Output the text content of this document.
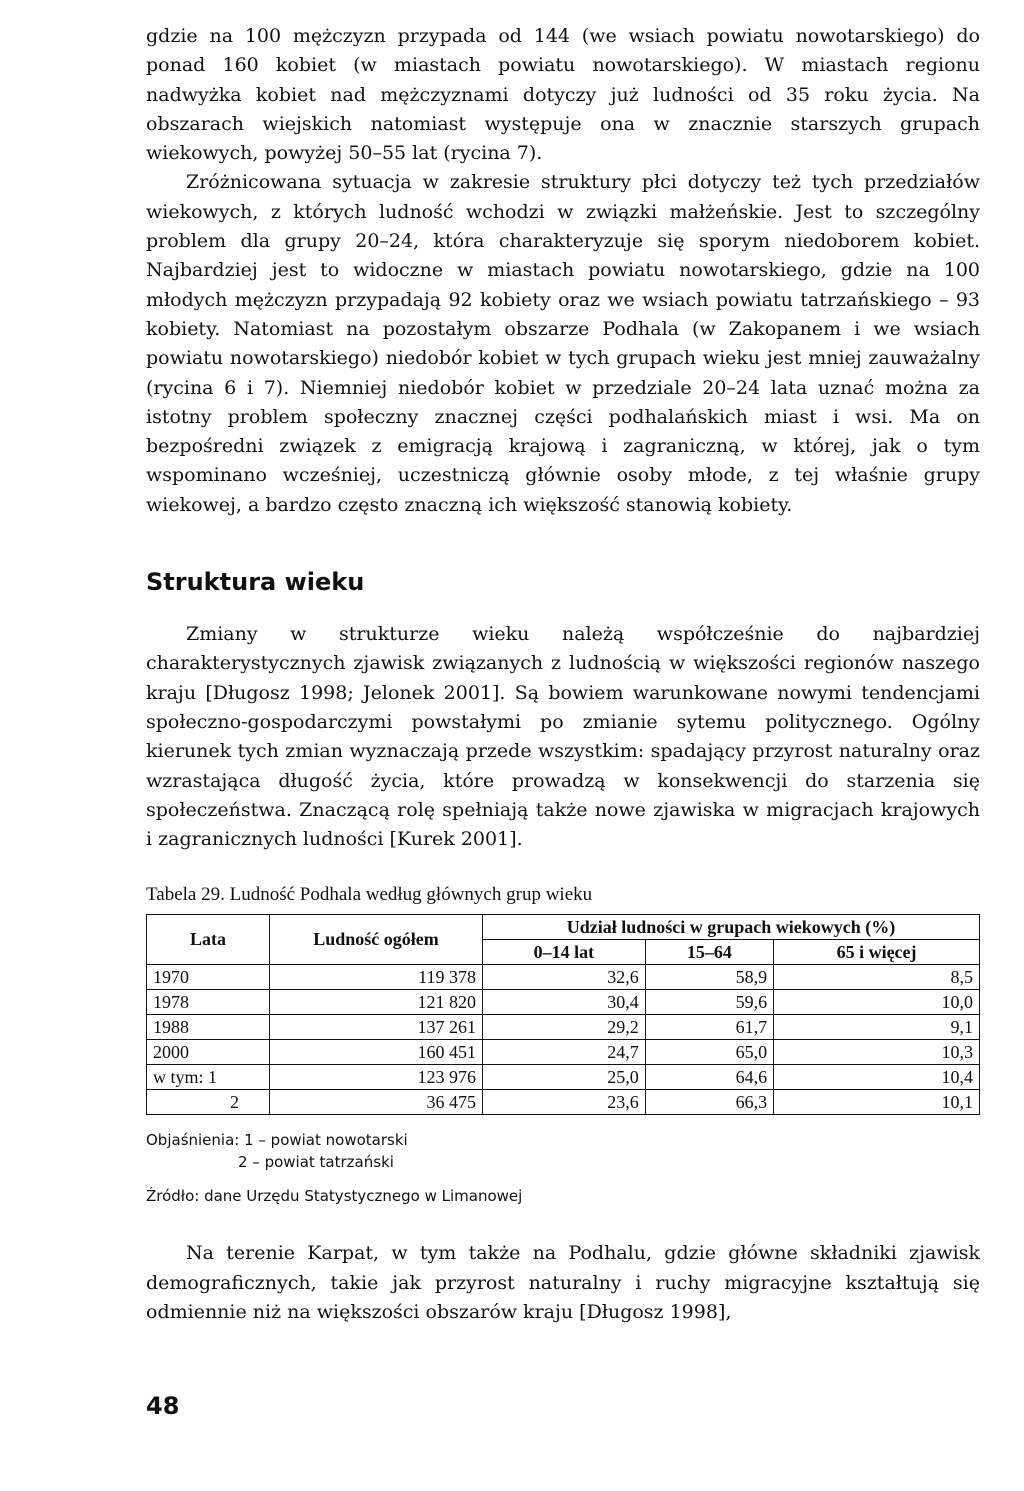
gdzie na 100 mężczyzn przypada od 144 (we wsiach powiatu nowotarskiego) do ponad 160 kobiet (w miastach powiatu nowotarskiego). W miastach regionu nadwyżka kobiet nad mężczyznami dotyczy już ludności od 35 roku życia. Na obszarach wiejskich natomiast występuje ona w znacznie starszych grupach wiekowych, powyżej 50–55 lat (rycina 7).

Zróżnicowana sytuacja w zakresie struktury płci dotyczy też tych przedziałów wiekowych, z których ludność wchodzi w związki małżeńskie. Jest to szczególny problem dla grupy 20–24, która charakteryzuje się sporym niedoborem kobiet. Najbardziej jest to widoczne w miastach powiatu nowotarskiego, gdzie na 100 młodych mężczyzn przypadają 92 kobiety oraz we wsiach powiatu tatrzańskiego – 93 kobiety. Natomiast na pozostałym obszarze Podhala (w Zakopanem i we wsiach powiatu nowotarskiego) niedobór kobiet w tych grupach wieku jest mniej zauważalny (rycina 6 i 7). Niemniej niedobór kobiet w przedziale 20–24 lata uznać można za istotny problem społeczny znacznej części podhalańskich miast i wsi. Ma on bezpośredni związek z emigracją krajową i zagraniczną, w której, jak o tym wspominano wcześniej, uczestniczą głównie osoby młode, z tej właśnie grupy wiekowej, a bardzo często znaczną ich większość stanowią kobiety.

Struktura wieku

Zmiany w strukturze wieku należą współcześnie do najbardziej charakterystycznych zjawisk związanych z ludnością w większości regionów naszego kraju [Długosz 1998; Jelonek 2001]. Są bowiem warunkowane nowymi tendencjami społeczno-gospodarczymi powstałymi po zmianie sytemu politycznego. Ogólny kierunek tych zmian wyznaczają przede wszystkim: spadający przyrost naturalny oraz wzrastająca długość życia, które prowadzą w konsekwencji do starzenia się społeczeństwa. Znaczącą rolę spełniają także nowe zjawiska w migracjach krajowych i zagranicznych ludności [Kurek 2001].

Tabela 29. Ludność Podhala według głównych grup wieku
Lata	Ludność ogółem	Udział ludności w grupach wiekowych (%)		
		0–14 lat	15–64	65 i więcej
1970	119 378	32,6	58,9	8,5
1978	121 820	30,4	59,6	10,0
1988	137 261	29,2	61,7	9,1
2000	160 451	24,7	65,0	10,3
w tym: 1	123 976	25,0	64,6	10,4
2	36 475	23,6	66,3	10,1
Objaśnienia: 1 – powiat nowotarski
2 – powiat tatrzański
Źródło: dane Urzędu Statystycznego w Limanowej

Na terenie Karpat, w tym także na Podhalu, gdzie główne składniki zjawisk demograficznych, takie jak przyrost naturalny i ruchy migracyjne kształtują się odmiennie niż na większości obszarów kraju [Długosz 1998],

48
